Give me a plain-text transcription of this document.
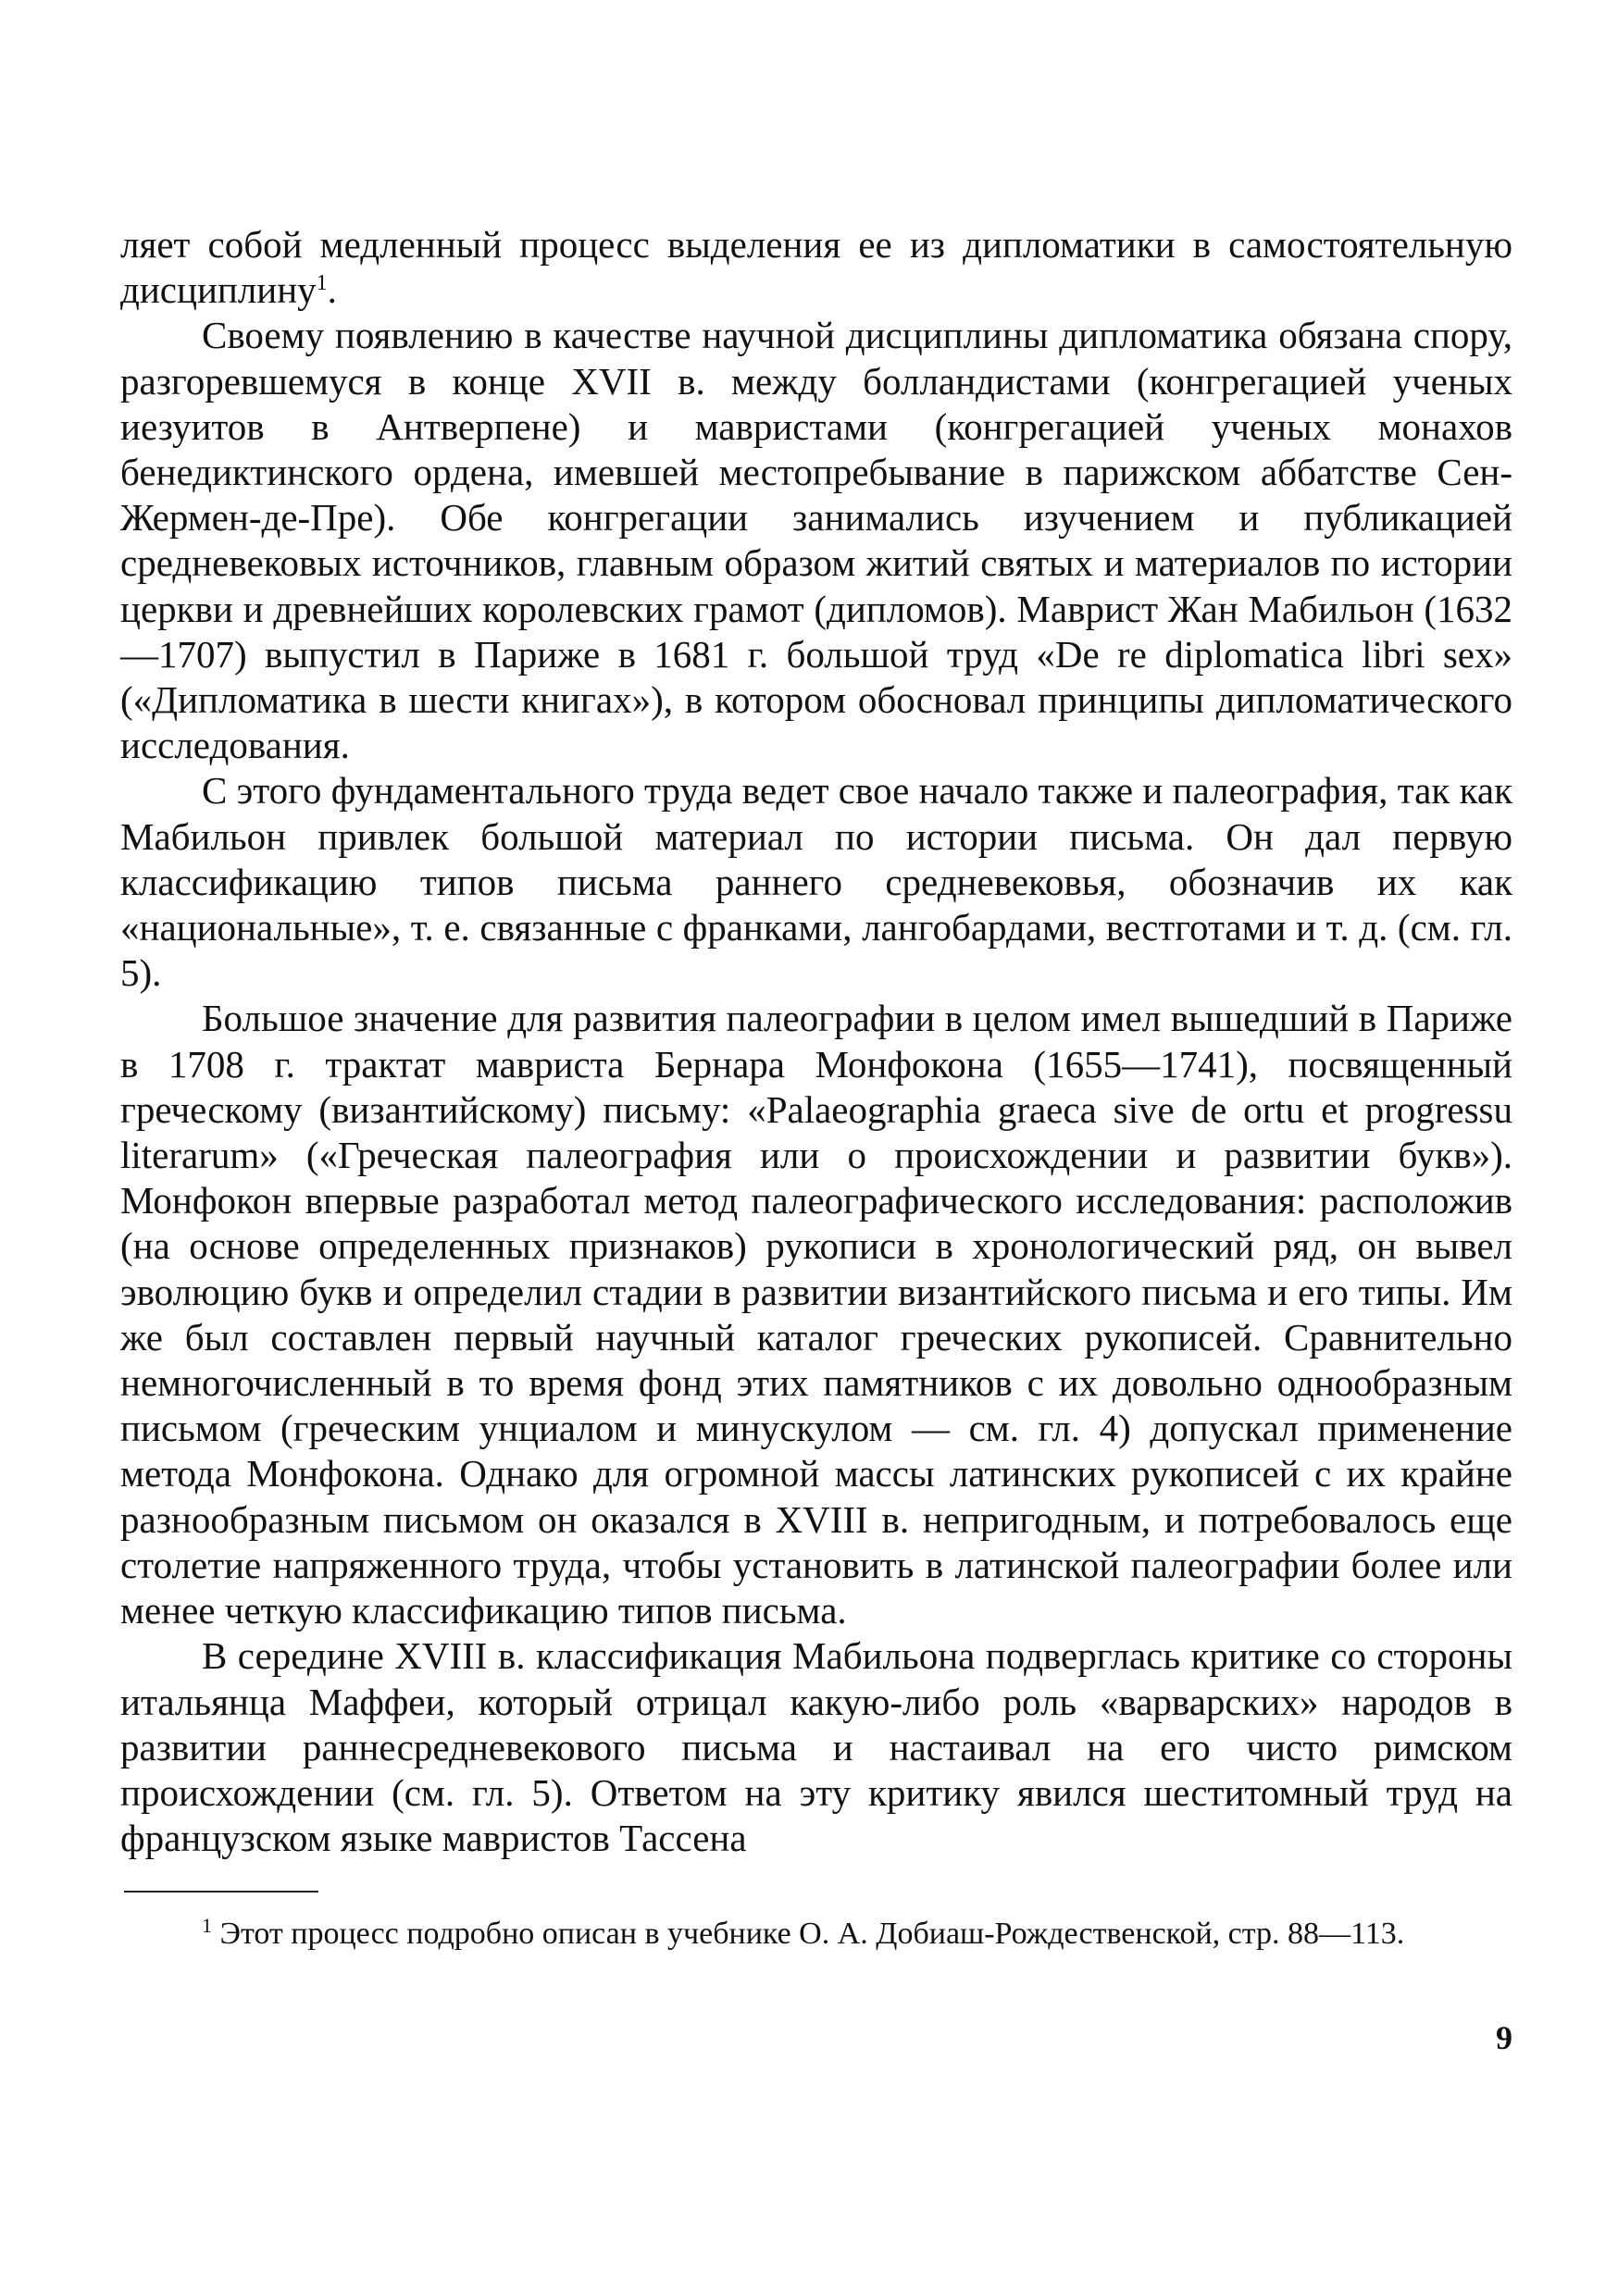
ляет собой медленный процесс выделения ее из дипломатики в самостоятельную дисциплину$^1$.

Своему появлению в качестве научной дисциплины дипломатика обязана спору, разгоревшемуся в конце XVII в. между болландистами (конгрегацией ученых иезуитов в Антверпене) и мавристами (конгрегацией ученых монахов бенедиктинского ордена, имевшей местопребывание в парижском аббатстве Сен-Жермен-де-Пре). Обе конгрегации занимались изучением и публикацией средневековых источников, главным образом житий святых и материалов по истории церкви и древнейших королевских грамот (дипломов). Маврист Жан Мабильон (1632—1707) выпустил в Париже в 1681 г. большой труд «De re diplomatica libri sex» («Дипломатика в шести книгах»), в котором обосновал принципы дипломатического исследования.

С этого фундаментального труда ведет свое начало также и палеография, так как Мабильон привлек большой материал по истории письма. Он дал первую классификацию типов письма раннего средневековья, обозначив их как «национальные», т. е. связанные с франками, лангобардами, вестготами и т. д. (см. гл. 5).

Большое значение для развития палеографии в целом имел вышедший в Париже в 1708 г. трактат мавриста Бернара Монфокона (1655—1741), посвященный греческому (византийскому) письму: «Palaeographia graeca sive de ortu et progressu literarum» («Греческая палеография или о происхождении и развитии букв»). Монфокон впервые разработал метод палеографического исследования: расположив (на основе определенных признаков) рукописи в хронологический ряд, он вывел эволюцию букв и определил стадии в развитии византийского письма и его типы. Им же был составлен первый научный каталог греческих рукописей. Сравнительно немногочисленный в то время фонд этих памятников с их довольно однообразным письмом (греческим унциалом и минускулом — см. гл. 4) допускал применение метода Монфокона. Однако для огромной массы латинских рукописей с их крайне разнообразным письмом он оказался в XVIII в. непригодным, и потребовалось еще столетие напряженного труда, чтобы установить в латинской палеографии более или менее четкую классификацию типов письма.

В середине XVIII в. классификация Мабильона подверглась критике со стороны итальянца Маффеи, который отрицал какую-либо роль «варварских» народов в развитии раннесредневекового письма и настаивал на его чисто римском происхождении (см. гл. 5). Ответом на эту критику явился шеститомный труд на французском языке мавристов Тассена

$^1$ Этот процесс подробно описан в учебнике О. А. Добиаш-Рождественской, стр. 88—113.

9
